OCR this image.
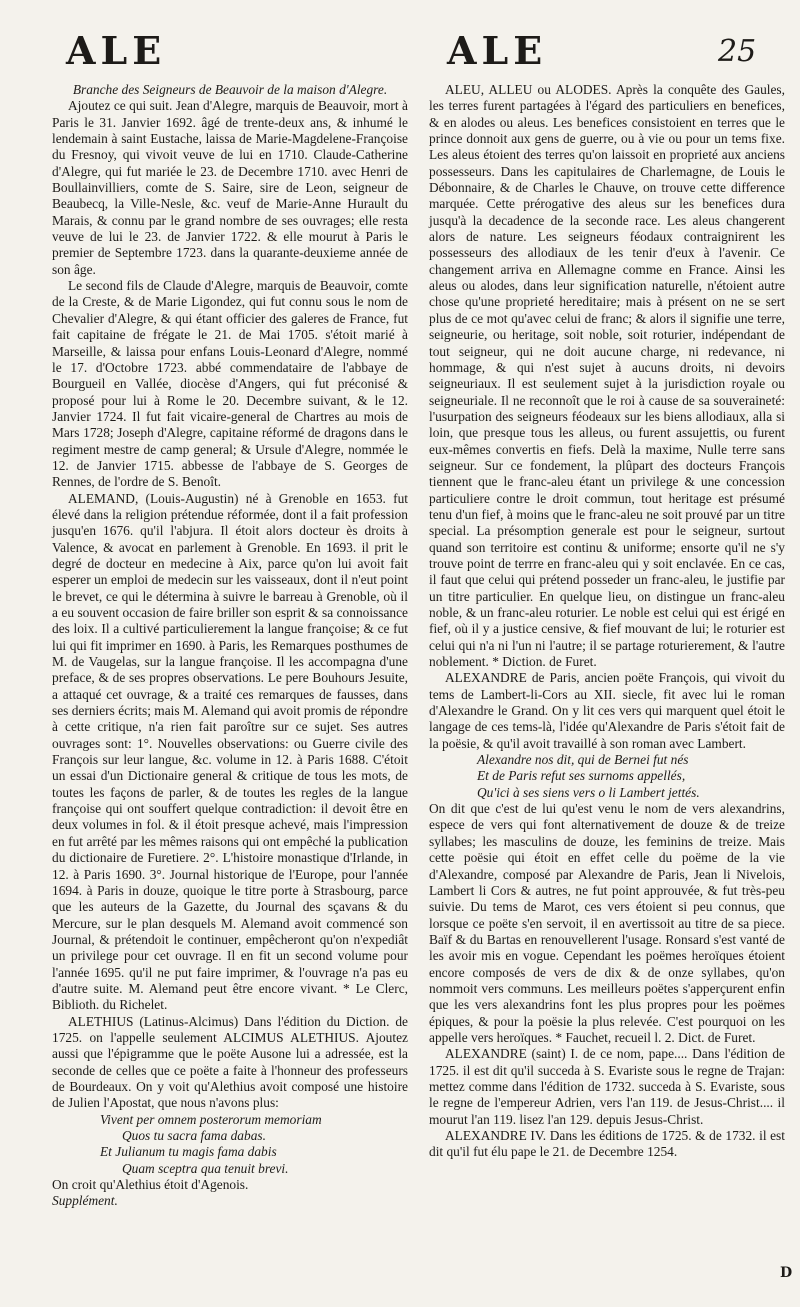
ALE	ALE	25

Branche des Seigneurs de Beauvoir de la maison d'Alegre.

Ajoutez ce qui suit. Jean d'Alegre, marquis de Beauvoir, mort à Paris le 31. Janvier 1692. âgé de trente-deux ans, & inhumé le lendemain à saint Eustache, laissa de Marie-Magdelene-Françoise du Fresnoy, qui vivoit veuve de lui en 1710. Claude-Catherine d'Alegre, qui fut mariée le 23. de Decembre 1710. avec Henri de Boullainvilliers, comte de S. Saire, sire de Leon, seigneur de Beaubecq, la Ville-Nesle, &c. veuf de Marie-Anne Hurault du Marais, & connu par le grand nombre de ses ouvrages; elle resta veuve de lui le 23. de Janvier 1722. & elle mourut à Paris le premier de Septembre 1723. dans la quarante-deuxieme année de son âge.

Le second fils de Claude d'Alegre, marquis de Beauvoir, comte de la Creste, & de Marie Ligondez, qui fut connu sous le nom de Chevalier d'Alegre, & qui étant officier des galeres de France, fut fait capitaine de frégate le 21. de Mai 1705. s'étoit marié à Marseille, & laissa pour enfans Louis-Leonard d'Alegre, nommé le 17. d'Octobre 1723. abbé commendataire de l'abbaye de Bourgueil en Vallée, diocèse d'Angers, qui fut préconisé & proposé pour lui à Rome le 20. Decembre suivant, & le 12. Janvier 1724. Il fut fait vicaire-general de Chartres au mois de Mars 1728; Joseph d'Alegre, capitaine réformé de dragons dans le regiment mestre de camp general; & Ursule d'Alegre, nommée le 12. de Janvier 1715. abbesse de l'abbaye de S. Georges de Rennes, de l'ordre de S. Benoît.

ALEMAND, (Louis-Augustin) né à Grenoble en 1653. fut élevé dans la religion prétendue réformée, dont il a fait profession jusqu'en 1676. qu'il l'abjura. Il étoit alors docteur ès droits à Valence, & avocat en parlement à Grenoble. En 1693. il prit le degré de docteur en medecine à Aix, parce qu'on lui avoit fait esperer un emploi de medecin sur les vaisseaux, dont il n'eut point le brevet, ce qui le détermina à suivre le barreau à Grenoble, où il a eu souvent occasion de faire briller son esprit & sa connoissance des loix. Il a cultivé particulierement la langue françoise; & ce fut lui qui fit imprimer en 1690. à Paris, les Remarques posthumes de M. de Vaugelas, sur la langue françoise. Il les accompagna d'une preface, & de ses propres observations. Le pere Bouhours Jesuite, a attaqué cet ouvrage, & a traité ces remarques de fausses, dans ses derniers écrits; mais M. Alemand qui avoit promis de répondre à cette critique, n'a rien fait paroître sur ce sujet. Ses autres ouvrages sont: 1°. Nouvelles observations: ou Guerre civile des François sur leur langue, &c. volume in 12. à Paris 1688. C'étoit un essai d'un Dictionaire general & critique de tous les mots, de toutes les façons de parler, & de toutes les regles de la langue françoise qui ont souffert quelque contradiction: il devoit être en deux volumes in fol. & il étoit presque achevé, mais l'impression en fut arrêté par les mêmes raisons qui ont empêché la publication du dictionaire de Furetiere. 2°. L'histoire monastique d'Irlande, in 12. à Paris 1690. 3°. Journal historique de l'Europe, pour l'année 1694. à Paris in douze, quoique le titre porte à Strasbourg, parce que les auteurs de la Gazette, du Journal des sçavans & du Mercure, sur le plan desquels M. Alemand avoit commencé son Journal, & prétendoit le continuer, empêcheront qu'on n'expediât un privilege pour cet ouvrage. Il en fit un second volume pour l'année 1695. qu'il ne put faire imprimer, & l'ouvrage n'a pas eu d'autre suite. M. Alemand peut être encore vivant. * Le Clerc, Biblioth. du Richelet.

ALETHIUS (Latinus-Alcimus) Dans l'édition du Diction. de 1725. on l'appelle seulement ALCIMUS ALETHIUS. Ajoutez aussi que l'épigramme que le poëte Ausone lui a adressée, est la seconde de celles que ce poëte a faite à l'honneur des professeurs de Bourdeaux. On y voit qu'Alethius avoit composé une histoire de Julien l'Apostat, que nous n'avons plus:

Vivent per omnem posterorum memoriam

Quos tu sacra fama dabas.

Et Julianum tu magis fama dabis

Quam sceptra qua tenuit brevi.

On croit qu'Alethius étoit d'Agenois.

Supplément.

ALEU, ALLEU ou ALODES. Après la conquête des Gaules, les terres furent partagées à l'égard des particuliers en benefices, & en alodes ou aleus. Les benefices consistoient en terres que le prince donnoit aux gens de guerre, ou à vie ou pour un tems fixe. Les aleus étoient des terres qu'on laissoit en proprieté aux anciens possesseurs. Dans les capitulaires de Charlemagne, de Louis le Débonnaire, & de Charles le Chauve, on trouve cette difference marquée. Cette prérogative des aleus sur les benefices dura jusqu'à la decadence de la seconde race. Les aleus changerent alors de nature. Les seigneurs féodaux contraignirent les possesseurs des allodiaux de les tenir d'eux à l'avenir. Ce changement arriva en Allemagne comme en France. Ainsi les aleus ou alodes, dans leur signification naturelle, n'étoient autre chose qu'une proprieté hereditaire; mais à présent on ne se sert plus de ce mot qu'avec celui de franc; & alors il signifie une terre, seigneurie, ou heritage, soit noble, soit roturier, indépendant de tout seigneur, qui ne doit aucune charge, ni redevance, ni hommage, & qui n'est sujet à aucuns droits, ni devoirs seigneuriaux. Il est seulement sujet à la jurisdiction royale ou seigneuriale. Il ne reconnoît que le roi à cause de sa souveraineté: l'usurpation des seigneurs féodeaux sur les biens allodiaux, alla si loin, que presque tous les alleus, ou furent assujettis, ou furent eux-mêmes convertis en fiefs. Delà la maxime, Nulle terre sans seigneur. Sur ce fondement, la plûpart des docteurs François tiennent que le franc-aleu étant un privilege & une concession particuliere contre le droit commun, tout heritage est présumé tenu d'un fief, à moins que le franc-aleu ne soit prouvé par un titre special. La présomption generale est pour le seigneur, surtout quand son territoire est continu & uniforme; ensorte qu'il ne s'y trouve point de terrre en franc-aleu qui y soit enclavée. En ce cas, il faut que celui qui prétend posseder un franc-aleu, le justifie par un titre particulier. En quelque lieu, on distingue un franc-aleu noble, & un franc-aleu roturier. Le noble est celui qui est érigé en fief, où il y a justice censive, & fief mouvant de lui; le roturier est celui qui n'a ni l'un ni l'autre; il se partage roturierement, & l'autre noblement. * Diction. de Furet.

ALEXANDRE de Paris, ancien poëte François, qui vivoit du tems de Lambert-li-Cors au XII. siecle, fit avec lui le roman d'Alexandre le Grand. On y lit ces vers qui marquent quel étoit le langage de ces tems-là, l'idée qu'Alexandre de Paris s'étoit fait de la poësie, & qu'il avoit travaillé à son roman avec Lambert.

Alexandre nos dit, qui de Bernei fut nés

Et de Paris refut ses surnoms appellés,

Qu'ici à ses siens vers o li Lambert jettés.

On dit que c'est de lui qu'est venu le nom de vers alexandrins, espece de vers qui font alternativement de douze & de treize syllabes; les masculins de douze, les feminins de treize. Mais cette poësie qui étoit en effet celle du poëme de la vie d'Alexandre, composé par Alexandre de Paris, Jean li Nivelois, Lambert li Cors & autres, ne fut point approuvée, & fut très-peu suivie. Du tems de Marot, ces vers étoient si peu connus, que lorsque ce poëte s'en servoit, il en avertissoit au titre de sa piece. Baïf & du Bartas en renouvellerent l'usage. Ronsard s'est vanté de les avoir mis en vogue. Cependant les poëmes heroïques étoient encore composés de vers de dix & de onze syllabes, qu'on nommoit vers communs. Les meilleurs poëtes s'apperçurent enfin que les vers alexandrins font les plus propres pour les poëmes épiques, & pour la poësie la plus relevée. C'est pourquoi on les appelle vers heroïques. * Fauchet, recueil l. 2. Dict. de Furet.

ALEXANDRE (saint) I. de ce nom, pape.... Dans l'édition de 1725. il est dit qu'il succeda à S. Evariste sous le regne de Trajan: mettez comme dans l'édition de 1732. succeda à S. Evariste, sous le regne de l'empereur Adrien, vers l'an 119. de Jesus-Christ.... il mourut l'an 119. lisez l'an 129. depuis Jesus-Christ.

ALEXANDRE IV. Dans les éditions de 1725. & de 1732. il est dit qu'il fut élu pape le 21. de Decembre 1254.

D
